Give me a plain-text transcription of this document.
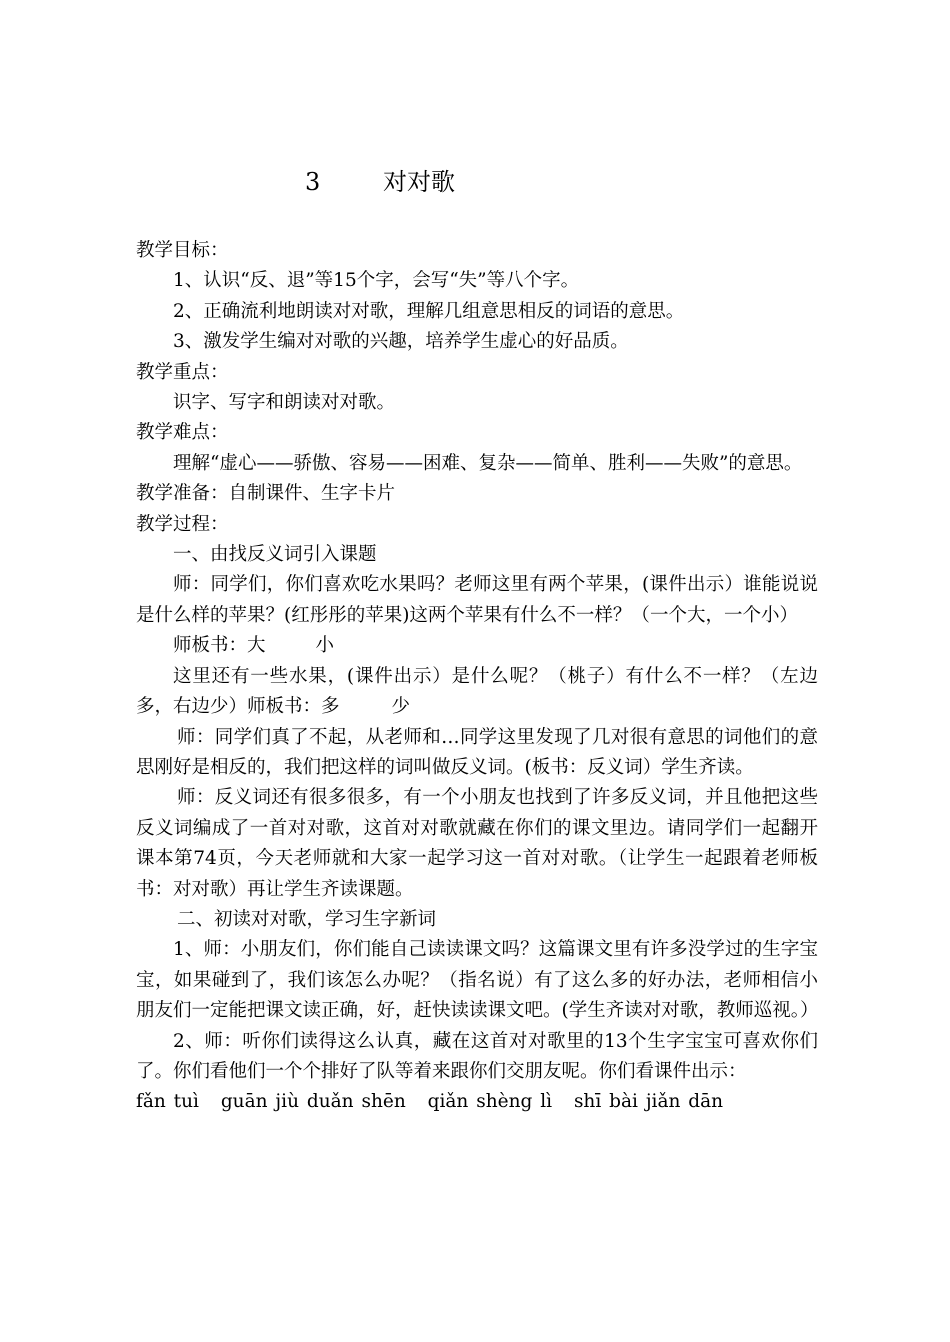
3	对对歌

教学目标：

1、认识“反、退”等15个字，会写“失”等八个字。

2、正确流利地朗读对对歌，理解几组意思相反的词语的意思。

3、激发学生编对对歌的兴趣，培养学生虚心的好品质。

教学重点：

识字、写字和朗读对对歌。

教学难点：

理解“虚心——骄傲、容易——困难、复杂——简单、胜利——失败”的意思。

教学准备：自制课件、生字卡片

教学过程：

一、由找反义词引入课题

师：同学们，你们喜欢吃水果吗？老师这里有两个苹果，(课件出示）谁能说说是什么样的苹果？(红彤彤的苹果)这两个苹果有什么不一样？（一个大，一个小）

师板书：大	小

这里还有一些水果，(课件出示）是什么呢？（桃子）有什么不一样？（左边多，右边少）师板书：多	少

师：同学们真了不起，从老师和…同学这里发现了几对很有意思的词他们的意思刚好是相反的，我们把这样的词叫做反义词。(板书：反义词）学生齐读。

师：反义词还有很多很多，有一个小朋友也找到了许多反义词，并且他把这些反义词编成了一首对对歌，这首对对歌就藏在你们的课文里边。请同学们一起翻开课本第74页，今天老师就和大家一起学习这一首对对歌。（让学生一起跟着老师板书：对对歌）再让学生齐读课题。

二、初读对对歌，学习生字新词

1、师：小朋友们，你们能自己读读课文吗？这篇课文里有许多没学过的生字宝宝，如果碰到了，我们该怎么办呢？（指名说）有了这么多的好办法，老师相信小朋友们一定能把课文读正确，好，赶快读读课文吧。(学生齐读对对歌，教师巡视。）

2、师：听你们读得这么认真，藏在这首对对歌里的13个生字宝宝可喜欢你们了。你们看他们一个个排好了队等着来跟你们交朋友呢。你们看课件出示：

fǎn tuì guān jiù duǎn shēn qiǎn shèng lì shī bài jiǎn dān
